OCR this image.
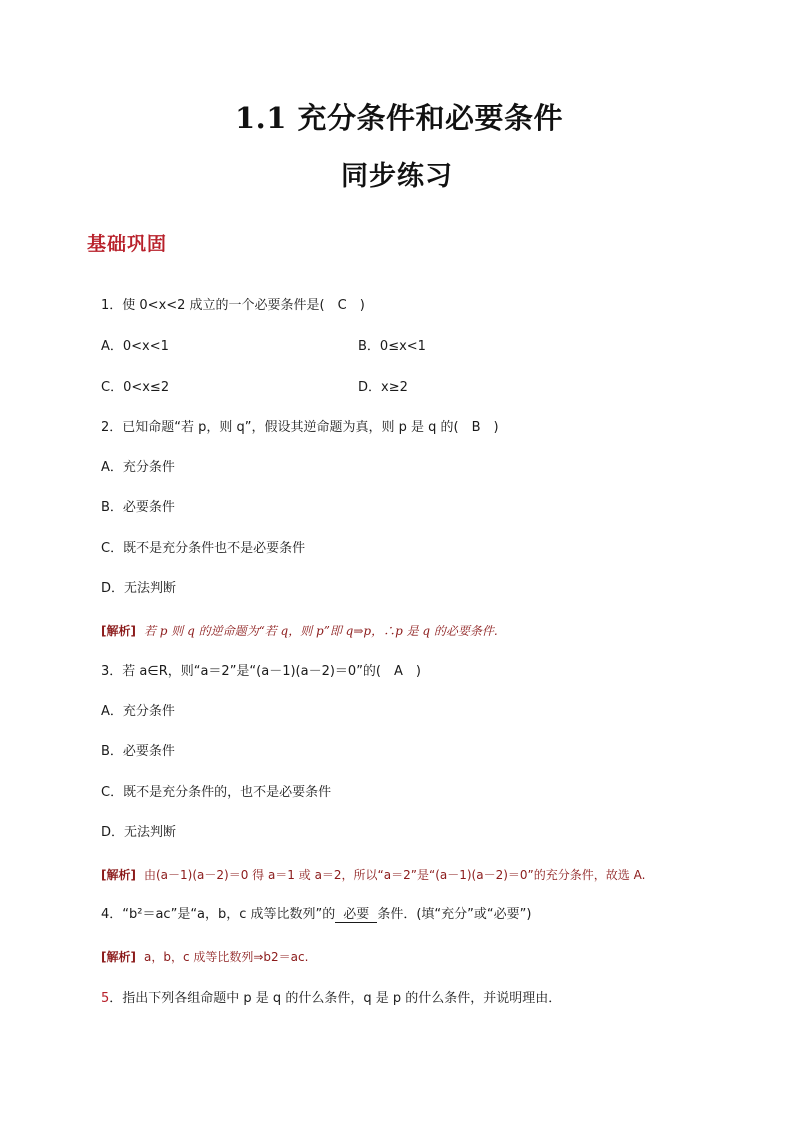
1.1 充分条件和必要条件
同步练习
基础巩固
1．使 0<x<2 成立的一个必要条件是(　C　)
A．0<x<1	B．0≤x<1
C．0<x≤2	D．x≥2
2．已知命题“若 p，则 q”，假设其逆命题为真，则 p 是 q 的(　B　)
A．充分条件
B．必要条件
C．既不是充分条件也不是必要条件
D．无法判断
[解析] 若 p 则 q 的逆命题为“若 q，则 p”即 q⇒p，∴p 是 q 的必要条件.
3．若 a∈R，则“a＝2”是“(a－1)(a－2)＝0”的(　A　)
A．充分条件
B．必要条件
C．既不是充分条件的，也不是必要条件
D．无法判断
[解析] 由(a－1)(a－2)＝0 得 a＝1 或 a＝2，所以“a＝2”是“(a－1)(a－2)＝0”的充分条件，故选 A.
4．“b²＝ac”是“a，b，c 成等比数列”的 必要 条件．(填“充分”或“必要”)
[解析] a，b，c 成等比数列⇒b2＝ac.
5．指出下列各组命题中 p 是 q 的什么条件，q 是 p 的什么条件，并说明理由．
